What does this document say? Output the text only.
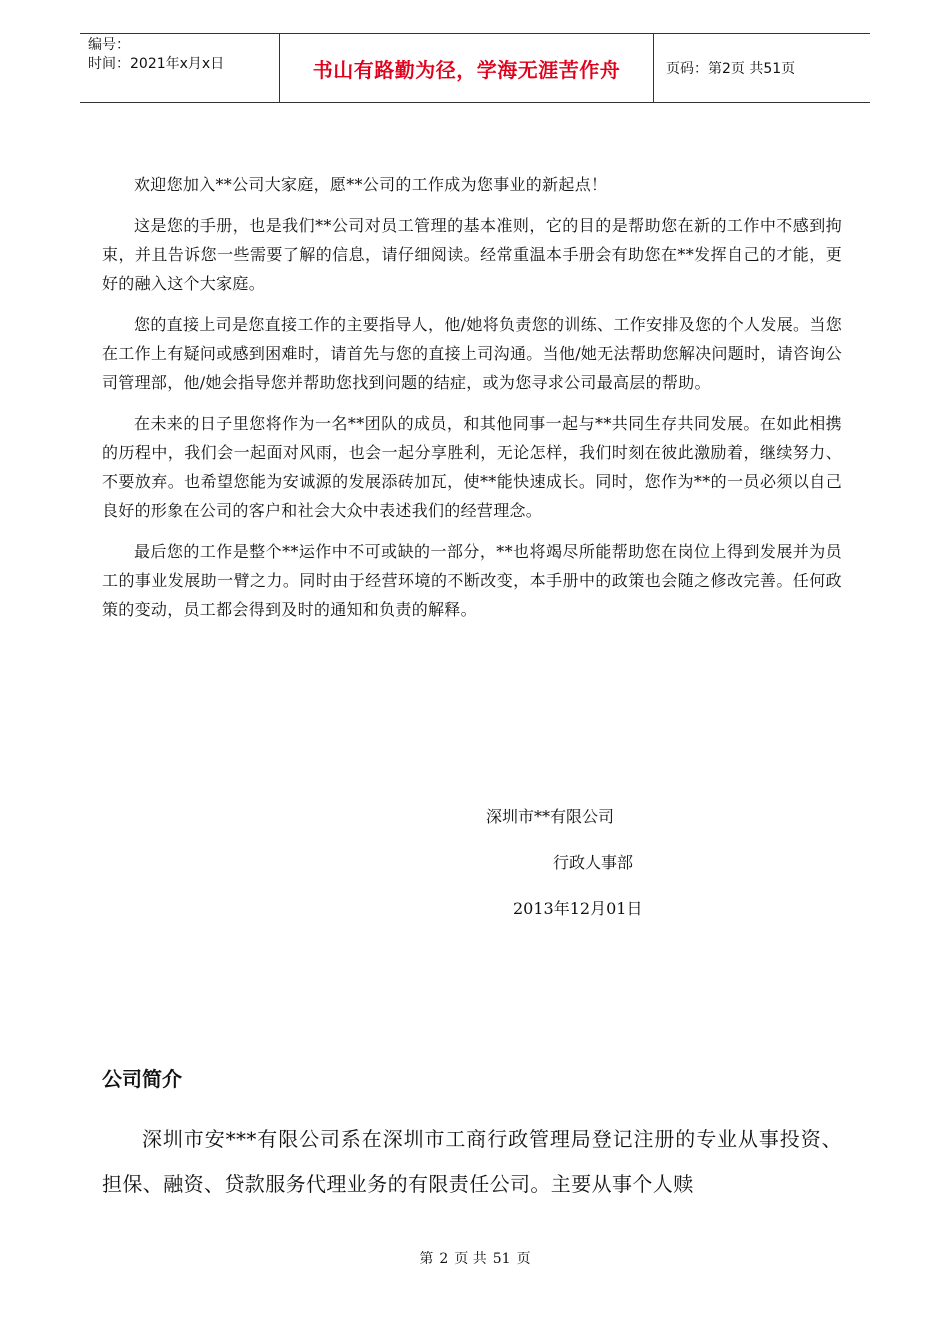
编号：
时间：2021年x月x日	书山有路勤为径，学海无涯苦作舟	页码：第2页 共51页

欢迎您加入**公司大家庭，愿**公司的工作成为您事业的新起点！

这是您的手册，也是我们**公司对员工管理的基本准则，它的目的是帮助您在新的工作中不感到拘束，并且告诉您一些需要了解的信息，请仔细阅读。经常重温本手册会有助您在**发挥自己的才能，更好的融入这个大家庭。

您的直接上司是您直接工作的主要指导人，他/她将负责您的训练、工作安排及您的个人发展。当您在工作上有疑问或感到困难时，请首先与您的直接上司沟通。当他/她无法帮助您解决问题时，请咨询公司管理部，他/她会指导您并帮助您找到问题的结症，或为您寻求公司最高层的帮助。

在未来的日子里您将作为一名**团队的成员，和其他同事一起与**共同生存共同发展。在如此相携的历程中，我们会一起面对风雨，也会一起分享胜利，无论怎样，我们时刻在彼此激励着，继续努力、不要放弃。也希望您能为安诚源的发展添砖加瓦，使**能快速成长。同时，您作为**的一员必须以自己良好的形象在公司的客户和社会大众中表述我们的经营理念。

最后您的工作是整个**运作中不可或缺的一部分，**也将竭尽所能帮助您在岗位上得到发展并为员工的事业发展助一臂之力。同时由于经营环境的不断改变，本手册中的政策也会随之修改完善。任何政策的变动，员工都会得到及时的通知和负责的解释。

深圳市**有限公司
行政人事部
2013年12月01日
公司简介

深圳市安***有限公司系在深圳市工商行政管理局登记注册的专业从事投资、担保、融资、贷款服务代理业务的有限责任公司。主要从事个人赎

第 2 页 共 51 页
